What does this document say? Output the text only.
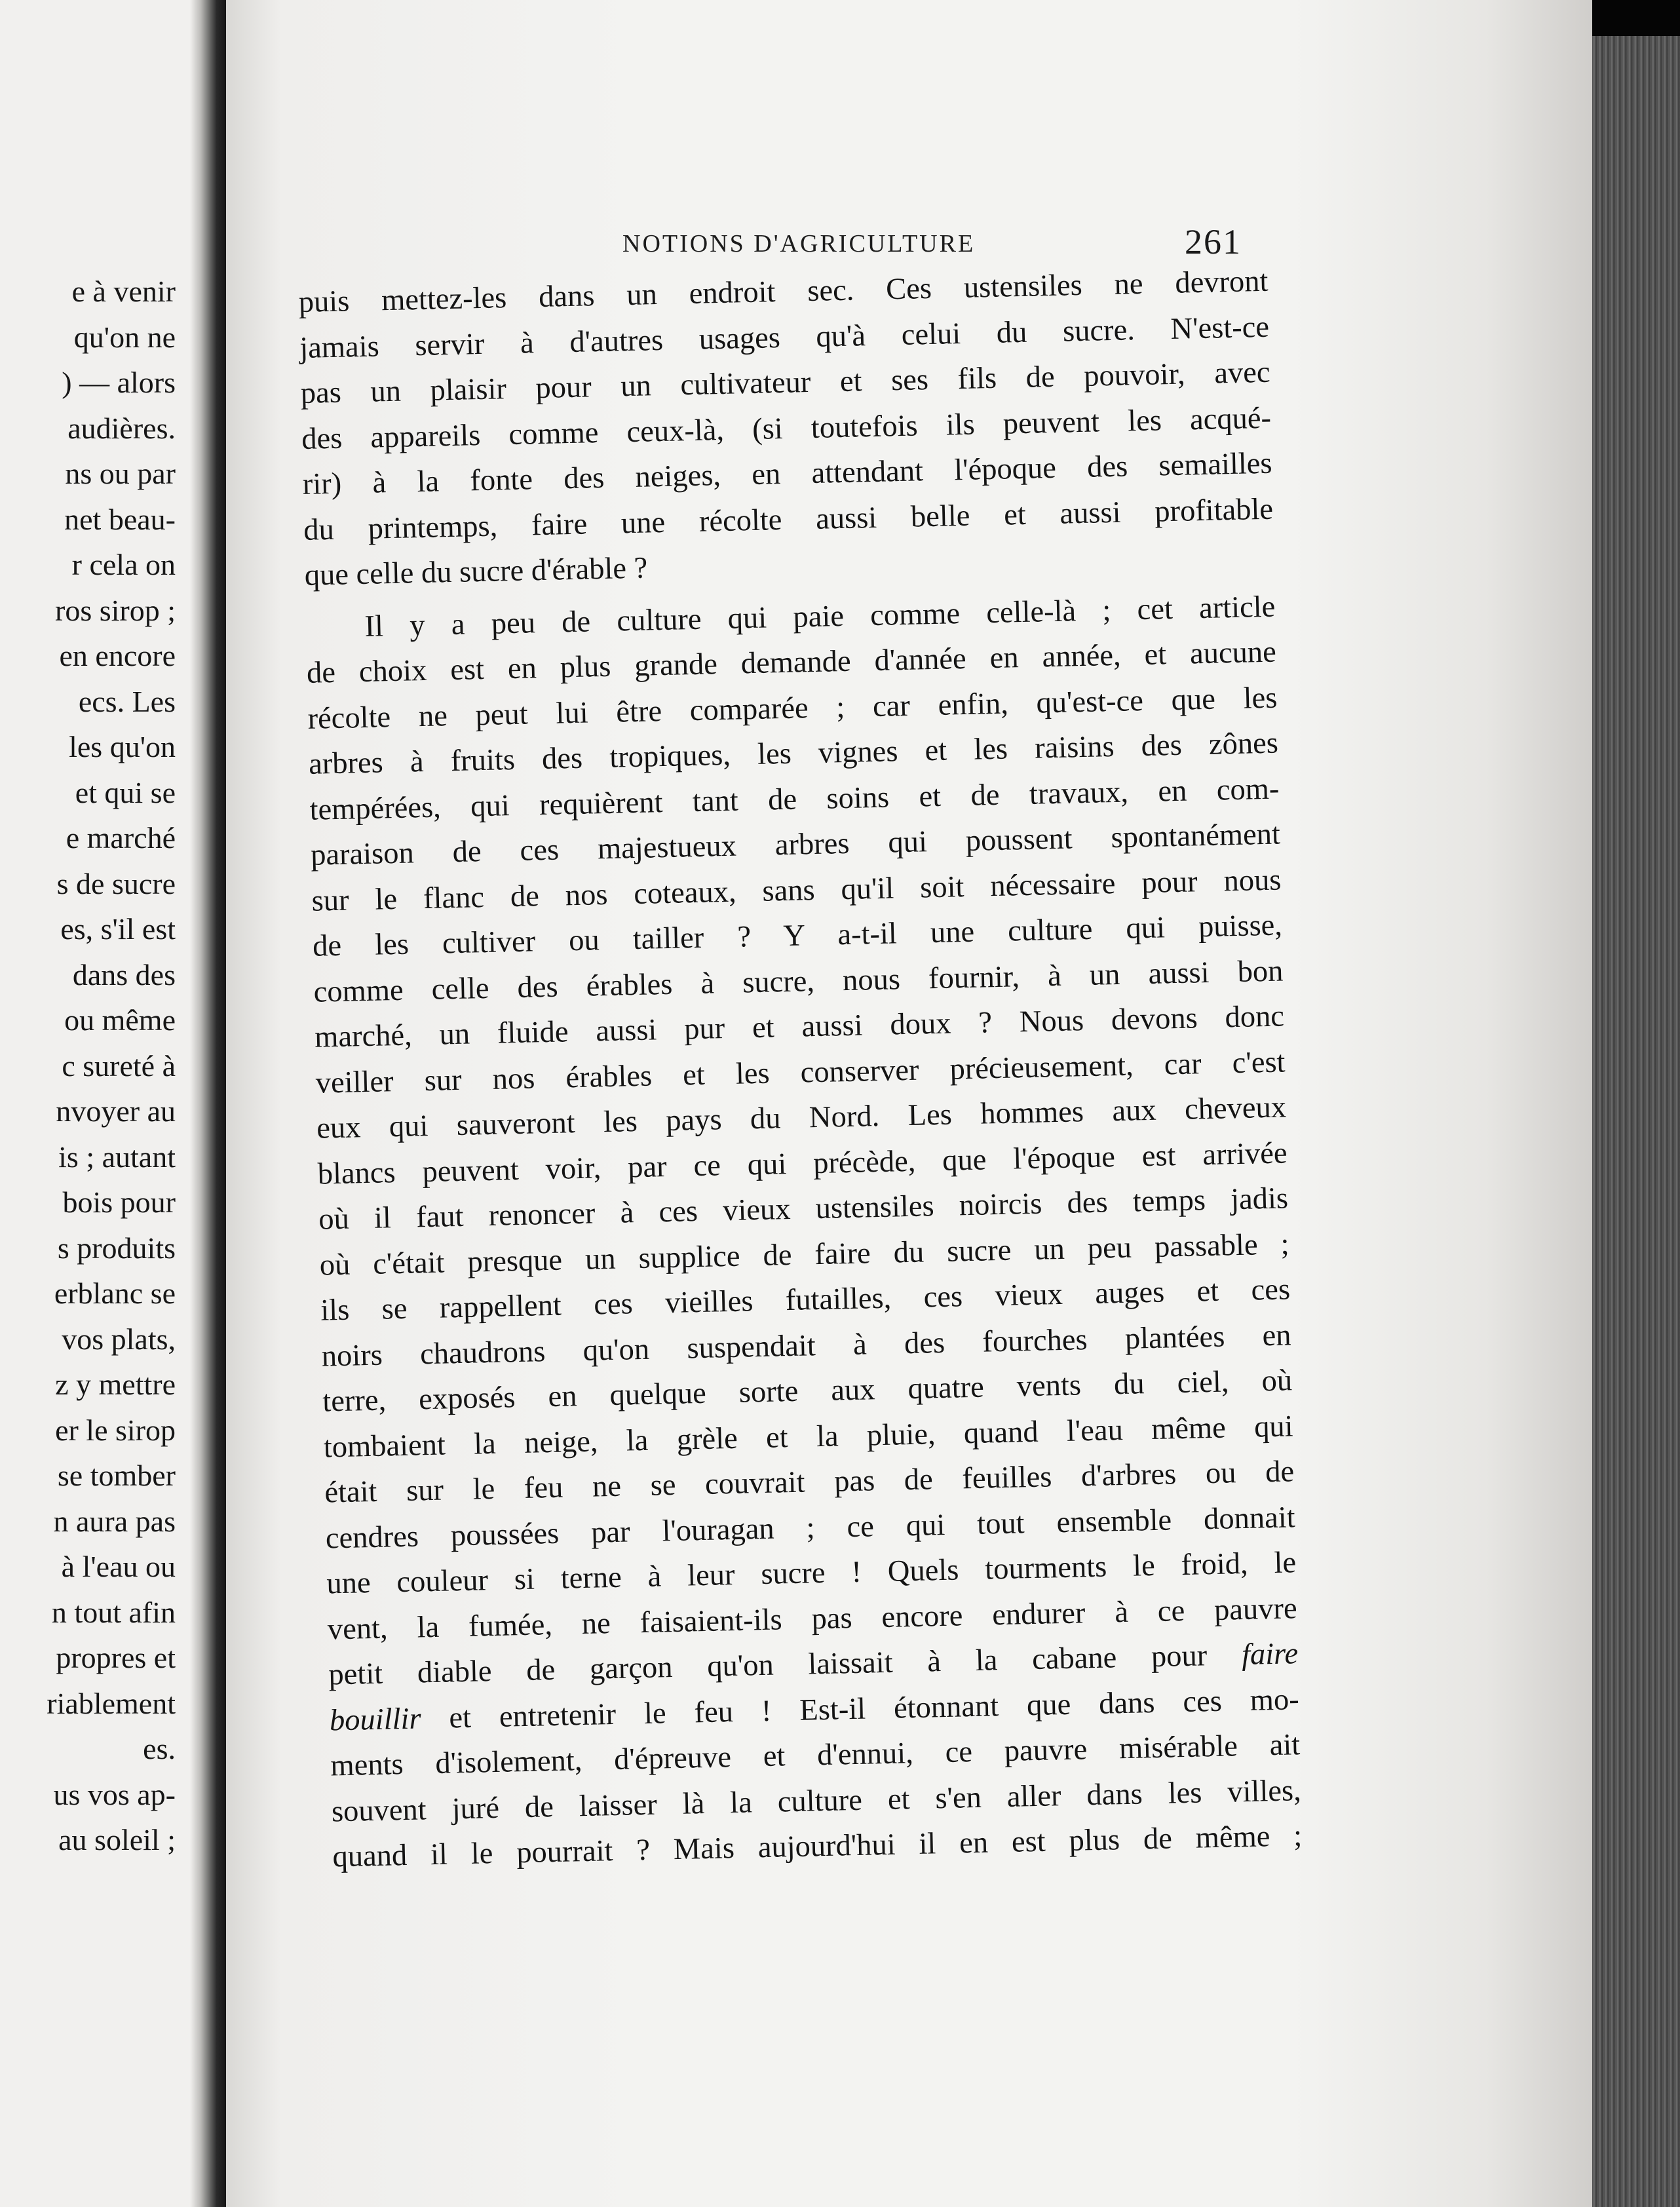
e à venir
qu'on ne
) — alors
audières.
ns ou par
net beau-
r cela on
ros sirop ;
en encore
ecs. Les
les qu'on
et qui se
e marché
s de sucre
es, s'il est
dans des
ou même
c sureté à
nvoyer au
is ; autant
bois pour
s produits
erblanc se
vos plats,
z y mettre
er le sirop
se tomber
n aura pas
à l'eau ou
n tout afin
propres et
riablement
es.
us vos ap-
au soleil ;
NOTIONS D'AGRICULTURE	261
puis mettez-les dans un endroit sec. Ces ustensiles ne devront
jamais servir à d'autres usages qu'à celui du sucre. N'est-ce
pas un plaisir pour un cultivateur et ses fils de pouvoir, avec
des appareils comme ceux-là, (si toutefois ils peuvent les acqué-
rir) à la fonte des neiges, en attendant l'époque des semailles
du printemps, faire une récolte aussi belle et aussi profitable
que celle du sucre d'érable ?
Il y a peu de culture qui paie comme celle-là ; cet article
de choix est en plus grande demande d'année en année, et aucune
récolte ne peut lui être comparée ; car enfin, qu'est-ce que les
arbres à fruits des tropiques, les vignes et les raisins des zônes
tempérées, qui requièrent tant de soins et de travaux, en com-
paraison de ces majestueux arbres qui poussent spontanément
sur le flanc de nos coteaux, sans qu'il soit nécessaire pour nous
de les cultiver ou tailler ? Y a-t-il une culture qui puisse,
comme celle des érables à sucre, nous fournir, à un aussi bon
marché, un fluide aussi pur et aussi doux ? Nous devons donc
veiller sur nos érables et les conserver précieusement, car c'est
eux qui sauveront les pays du Nord. Les hommes aux cheveux
blancs peuvent voir, par ce qui précède, que l'époque est arrivée
où il faut renoncer à ces vieux ustensiles noircis des temps jadis
où c'était presque un supplice de faire du sucre un peu passable ;
ils se rappellent ces vieilles futailles, ces vieux auges et ces
noirs chaudrons qu'on suspendait à des fourches plantées en
terre, exposés en quelque sorte aux quatre vents du ciel, où
tombaient la neige, la grèle et la pluie, quand l'eau même qui
était sur le feu ne se couvrait pas de feuilles d'arbres ou de
cendres poussées par l'ouragan ; ce qui tout ensemble donnait
une couleur si terne à leur sucre ! Quels tourments le froid, le
vent, la fumée, ne faisaient-ils pas encore endurer à ce pauvre
petit diable de garçon qu'on laissait à la cabane pour faire
bouillir et entretenir le feu ! Est-il étonnant que dans ces mo-
ments d'isolement, d'épreuve et d'ennui, ce pauvre misérable ait
souvent juré de laisser là la culture et s'en aller dans les villes,
quand il le pourrait ? Mais aujourd'hui il en est plus de même ;
